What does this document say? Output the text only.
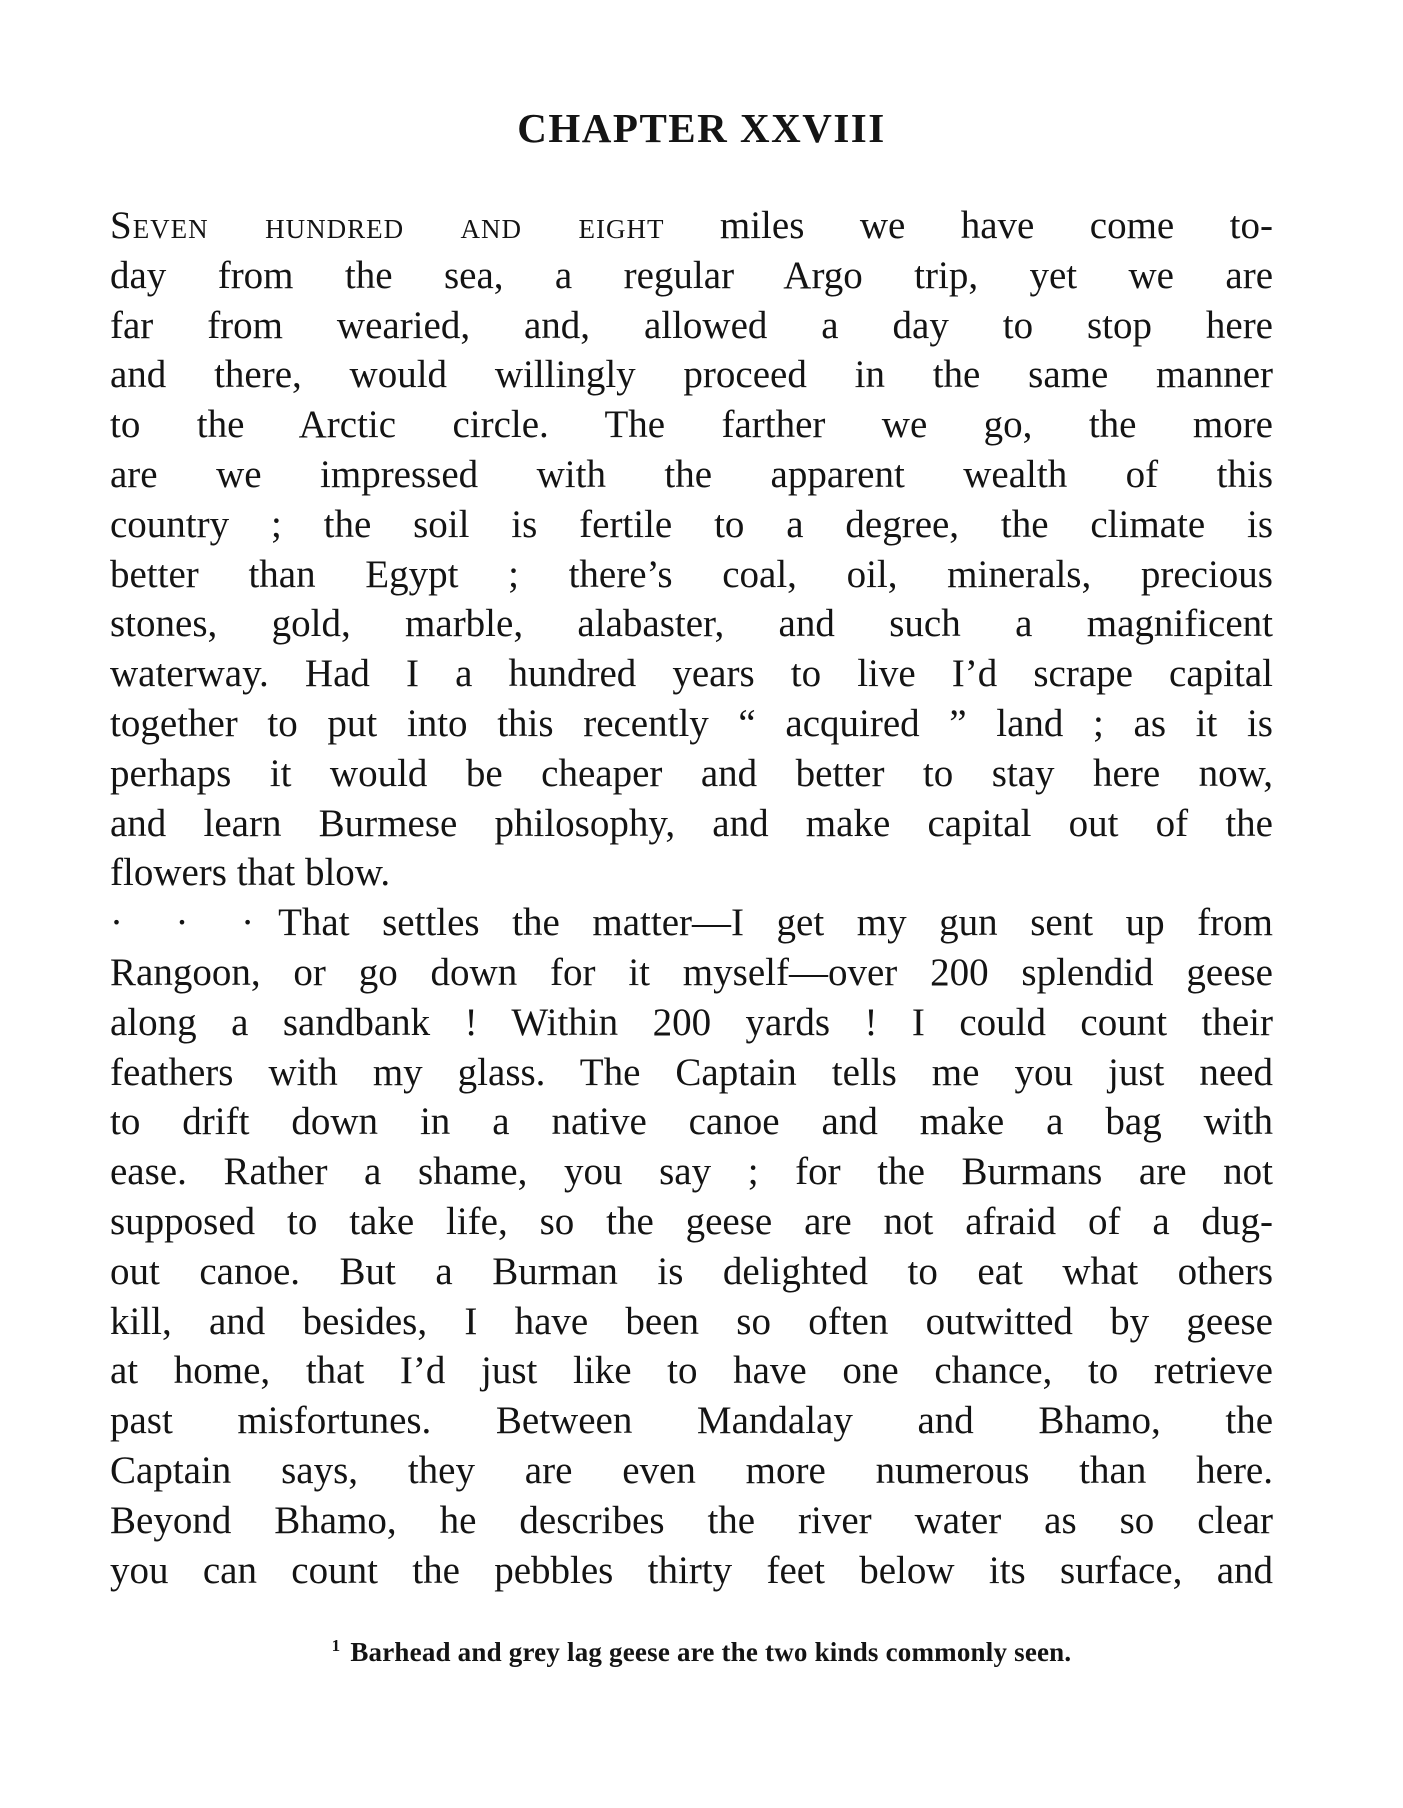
CHAPTER XXVIII
Seven hundred and eight miles we have come to-
day from the sea, a regular Argo trip, yet we are
far from wearied, and, allowed a day to stop here
and there, would willingly proceed in the same manner
to the Arctic circle. The farther we go, the more
are we impressed with the apparent wealth of this
country ; the soil is fertile to a degree, the climate is
better than Egypt ; there’s coal, oil, minerals, precious
stones, gold, marble, alabaster, and such a magnificent
waterway. Had I a hundred years to live I’d scrape capital
together to put into this recently “ acquired ” land ; as it is
perhaps it would be cheaper and better to stay here now,
and learn Burmese philosophy, and make capital out of the
flowers that blow.
· · · That settles the matter—I get my gun sent up from
Rangoon, or go down for it myself—over 200 splendid geese
along a sandbank ! Within 200 yards ! I could count their
feathers with my glass. The Captain tells me you just need
to drift down in a native canoe and make a bag with
ease. Rather a shame, you say ; for the Burmans are not
supposed to take life, so the geese are not afraid of a dug-
out canoe. But a Burman is delighted to eat what others
kill, and besides, I have been so often outwitted by geese
at home, that I’d just like to have one chance, to retrieve
past misfortunes. Between Mandalay and Bhamo, the
Captain says, they are even more numerous than here.
Beyond Bhamo, he describes the river water as so clear
you can count the pebbles thirty feet below its surface, and

$^1$ Barhead and grey lag geese are the two kinds commonly seen.
